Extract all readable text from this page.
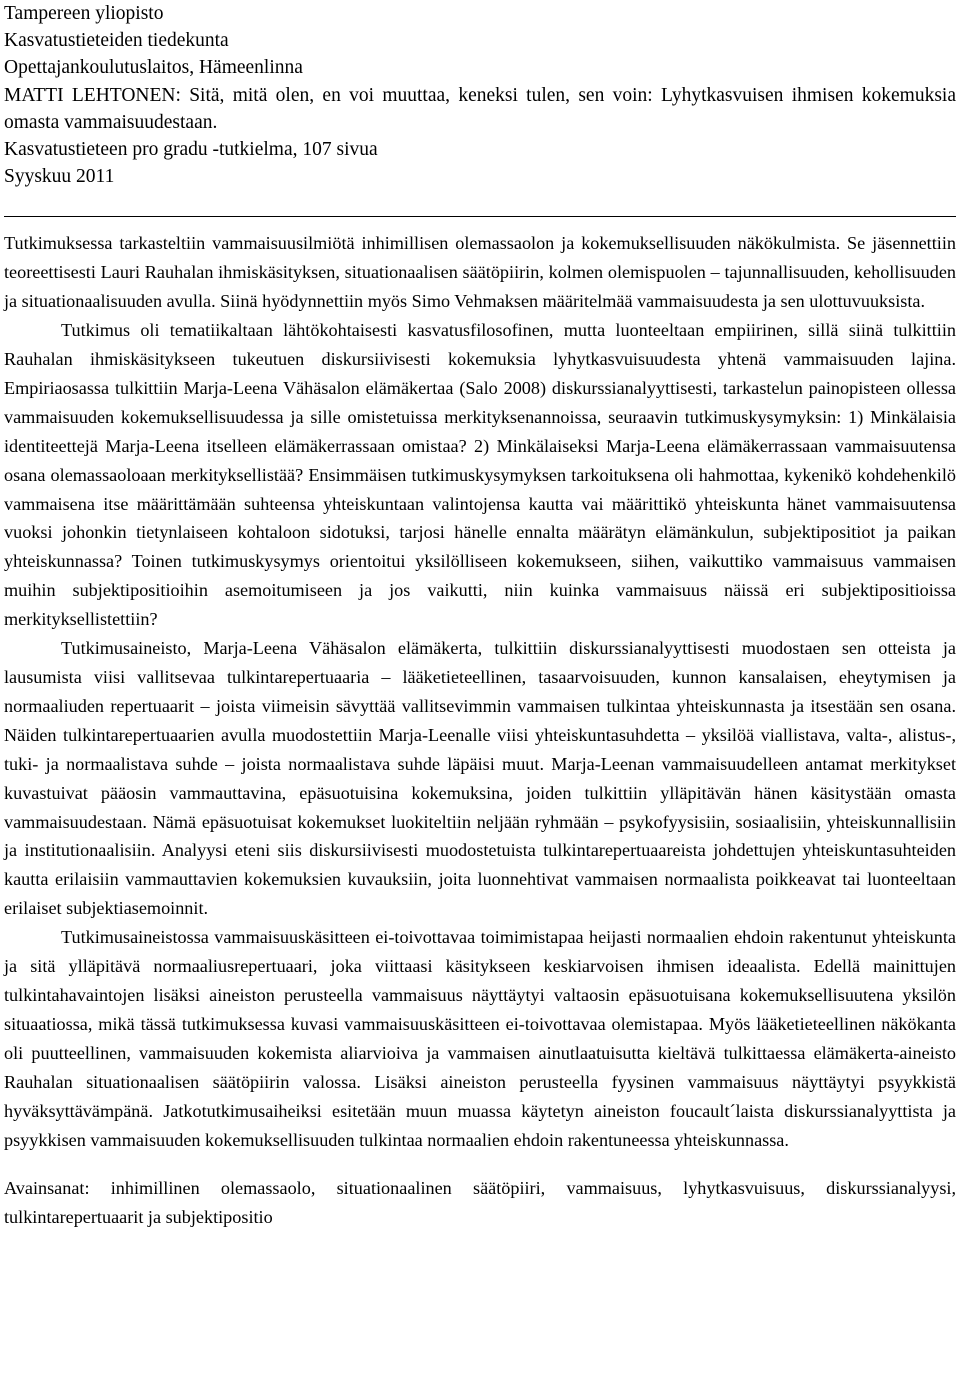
Tampereen yliopisto

Kasvatustieteiden tiedekunta

Opettajankoulutuslaitos, Hämeenlinna

MATTI LEHTONEN: Sitä, mitä olen, en voi muuttaa, keneksi tulen, sen voin: Lyhytkasvuisen ihmisen kokemuksia omasta vammaisuudestaan.

Kasvatustieteen pro gradu -tutkielma, 107 sivua

Syyskuu 2011

Tutkimuksessa tarkasteltiin vammaisuusilmiötä inhimillisen olemassaolon ja kokemuksellisuuden näkökulmista. Se jäsennettiin teoreettisesti Lauri Rauhalan ihmiskäsityksen, situationaalisen säätöpiirin, kolmen olemispuolen – tajunnallisuuden, kehollisuuden ja situationaalisuuden avulla. Siinä hyödynnettiin myös Simo Vehmaksen määritelmää vammaisuudesta ja sen ulottuvuuksista.

Tutkimus oli tematiikaltaan lähtökohtaisesti kasvatusfilosofinen, mutta luonteeltaan empiirinen, sillä siinä tulkittiin Rauhalan ihmiskäsitykseen tukeutuen diskursiivisesti kokemuksia lyhytkasvuisuudesta yhtenä vammaisuuden lajina. Empiriaosassa tulkittiin Marja-Leena Vähäsalon elämäkertaa (Salo 2008) diskurssianalyyttisesti, tarkastelun painopisteen ollessa vammaisuuden kokemuksellisuudessa ja sille omistetuissa merkityksenannoissa, seuraavin tutkimuskysymyksin: 1) Minkälaisia identiteettejä Marja-Leena itselleen elämäkerrassaan omistaa? 2) Minkälaiseksi Marja-Leena elämäkerrassaan vammaisuutensa osana olemassaoloaan merkityksellistää? Ensimmäisen tutkimuskysymyksen tarkoituksena oli hahmottaa, kykenikö kohdehenkilö vammaisena itse määrittämään suhteensa yhteiskuntaan valintojensa kautta vai määrittikö yhteiskunta hänet vammaisuutensa vuoksi johonkin tietynlaiseen kohtaloon sidotuksi, tarjosi hänelle ennalta määrätyn elämänkulun, subjektipositiot ja paikan yhteiskunnassa? Toinen tutkimuskysymys orientoitui yksilölliseen kokemukseen, siihen, vaikuttiko vammaisuus vammaisen muihin subjektipositioihin asemoitumiseen ja jos vaikutti, niin kuinka vammaisuus näissä eri subjektipositioissa merkityksellistettiin?

Tutkimusaineisto, Marja-Leena Vähäsalon elämäkerta, tulkittiin diskurssianalyyttisesti muodostaen sen otteista ja lausumista viisi vallitsevaa tulkintarepertuaaria – lääketieteellinen, tasaarvoisuuden, kunnon kansalaisen, eheytymisen ja normaaliuden repertuaarit – joista viimeisin sävyttää vallitsevimmin vammaisen tulkintaa yhteiskunnasta ja itsestään sen osana. Näiden tulkintarepertuaarien avulla muodostettiin Marja-Leenalle viisi yhteiskuntasuhdetta – yksilöä viallistava, valta-, alistus-, tuki- ja normaalistava suhde – joista normaalistava suhde läpäisi muut. Marja-Leenan vammaisuudelleen antamat merkitykset kuvastuivat pääosin vammauttavina, epäsuotuisina kokemuksina, joiden tulkittiin ylläpitävän hänen käsitystään omasta vammaisuudestaan. Nämä epäsuotuisat kokemukset luokiteltiin neljään ryhmään – psykofyysisiin, sosiaalisiin, yhteiskunnallisiin ja institutionaalisiin. Analyysi eteni siis diskursiivisesti muodostetuista tulkintarepertuaareista johdettujen yhteiskuntasuhteiden kautta erilaisiin vammauttavien kokemuksien kuvauksiin, joita luonnehtivat vammaisen normaalista poikkeavat tai luonteeltaan erilaiset subjektiasemoinnit.

Tutkimusaineistossa vammaisuuskäsitteen ei-toivottavaa toimimistapaa heijasti normaalien ehdoin rakentunut yhteiskunta ja sitä ylläpitävä normaaliusrepertuaari, joka viittaasi käsitykseen keskiarvoisen ihmisen ideaalista. Edellä mainittujen tulkintahavaintojen lisäksi aineiston perusteella vammaisuus näyttäytyi valtaosin epäsuotuisana kokemuksellisuutena yksilön situaatiossa, mikä tässä tutkimuksessa kuvasi vammaisuuskäsitteen ei-toivottavaa olemistapaa. Myös lääketieteellinen näkökanta oli puutteellinen, vammaisuuden kokemista aliarvioiva ja vammaisen ainutlaatuisutta kieltävä tulkittaessa elämäkerta-aineisto Rauhalan situationaalisen säätöpiirin valossa. Lisäksi aineiston perusteella fyysinen vammaisuus näyttäytyi psyykkistä hyväksyttävämpänä. Jatkotutkimusaiheiksi esitetään muun muassa käytetyn aineiston foucault´laista diskurssianalyyttista ja psyykkisen vammaisuuden kokemuksellisuuden tulkintaa normaalien ehdoin rakentuneessa yhteiskunnassa.

Avainsanat: inhimillinen olemassaolo, situationaalinen säätöpiiri, vammaisuus, lyhytkasvuisuus, diskurssianalyysi, tulkintarepertuaarit ja subjektipositio
